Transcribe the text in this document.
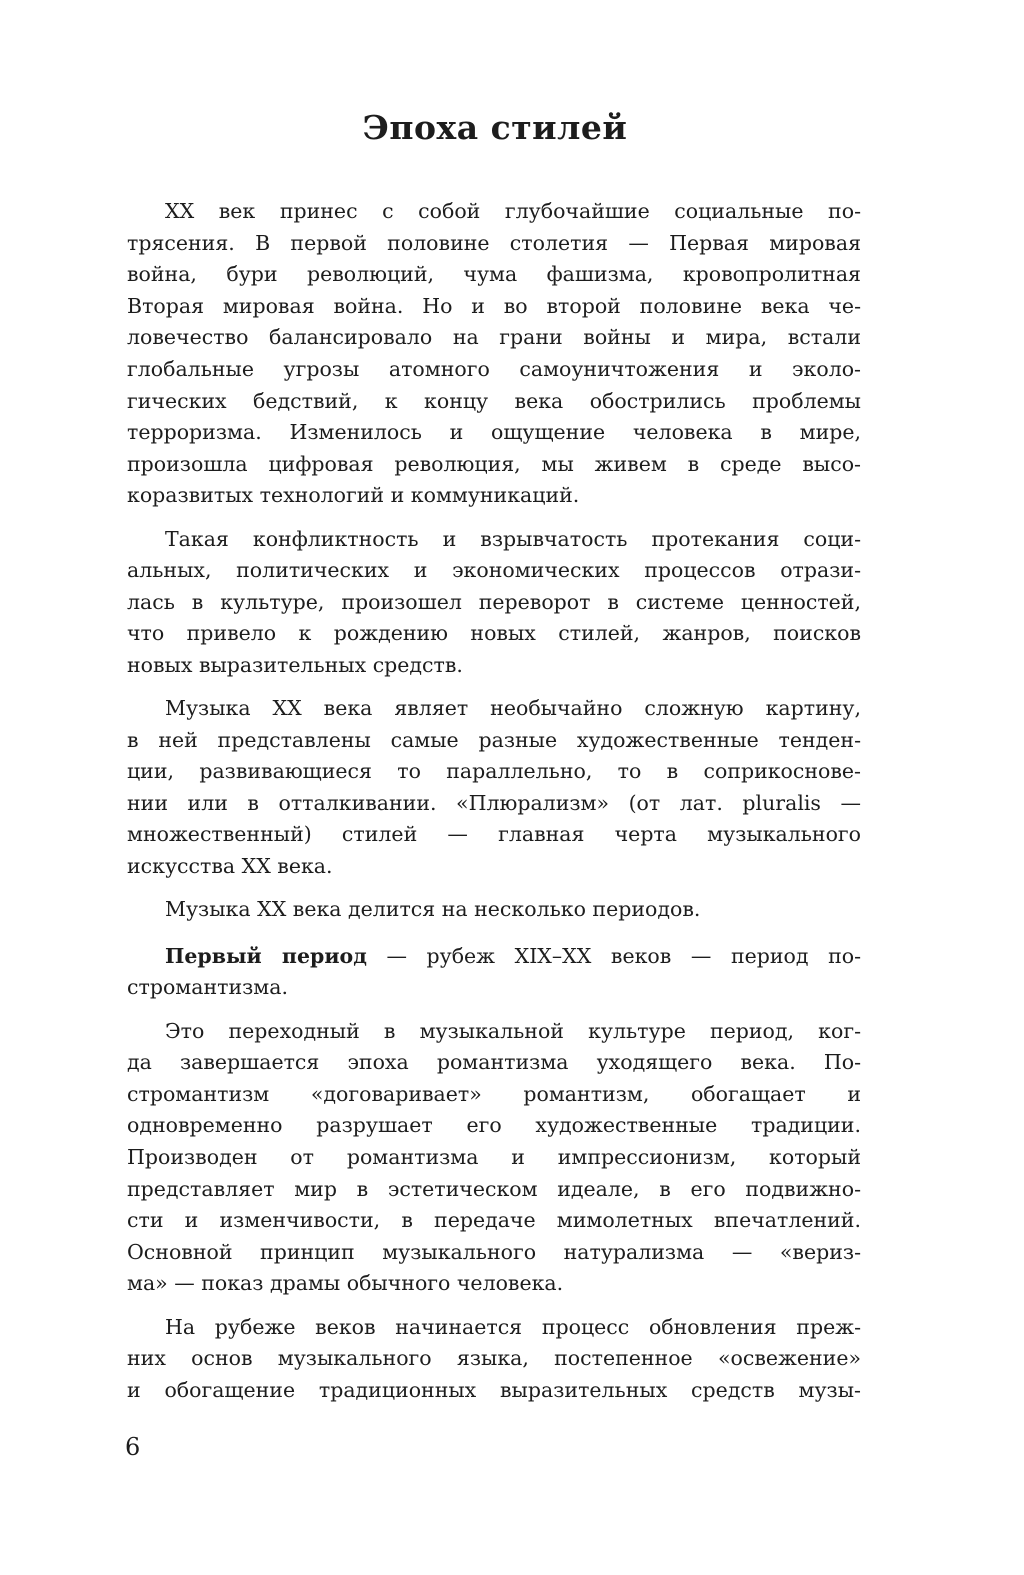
Эпоха стилей

XX век принес с собой глубочайшие социальные по-
трясения. В первой половине столетия — Первая мировая
война, бури революций, чума фашизма, кровопролитная
Вторая мировая война. Но и во второй половине века че-
ловечество балансировало на грани войны и мира, встали
глобальные угрозы атомного самоуничтожения и эколо-
гических бедствий, к концу века обострились проблемы
терроризма. Изменилось и ощущение человека в мире,
произошла цифровая революция, мы живем в среде высо-
коразвитых технологий и коммуникаций.

Такая конфликтность и взрывчатость протекания соци-
альных, политических и экономических процессов отрази-
лась в культуре, произошел переворот в системе ценностей,
что привело к рождению новых стилей, жанров, поисков
новых выразительных средств.

Музыка XX века являет необычайно сложную картину,
в ней представлены самые разные художественные тенден-
ции, развивающиеся то параллельно, то в соприкоснове-
нии или в отталкивании. «Плюрализм» (от лат. pluralis —
множественный) стилей — главная черта музыкального
искусства XX века.

Музыка XX века делится на несколько периодов.

Первый период — рубеж XIX–XX веков — период по-
стромантизма.

Это переходный в музыкальной культуре период, ког-
да завершается эпоха романтизма уходящего века. По-
стромантизм «договаривает» романтизм, обогащает и
одновременно разрушает его художественные традиции.
Производен от романтизма и импрессионизм, который
представляет мир в эстетическом идеале, в его подвижно-
сти и изменчивости, в передаче мимолетных впечатлений.
Основной принцип музыкального натурализма — «вериз-
ма» — показ драмы обычного человека.

На рубеже веков начинается процесс обновления преж-
них основ музыкального языка, постепенное «освежение»
и обогащение традиционных выразительных средств музы-

6
